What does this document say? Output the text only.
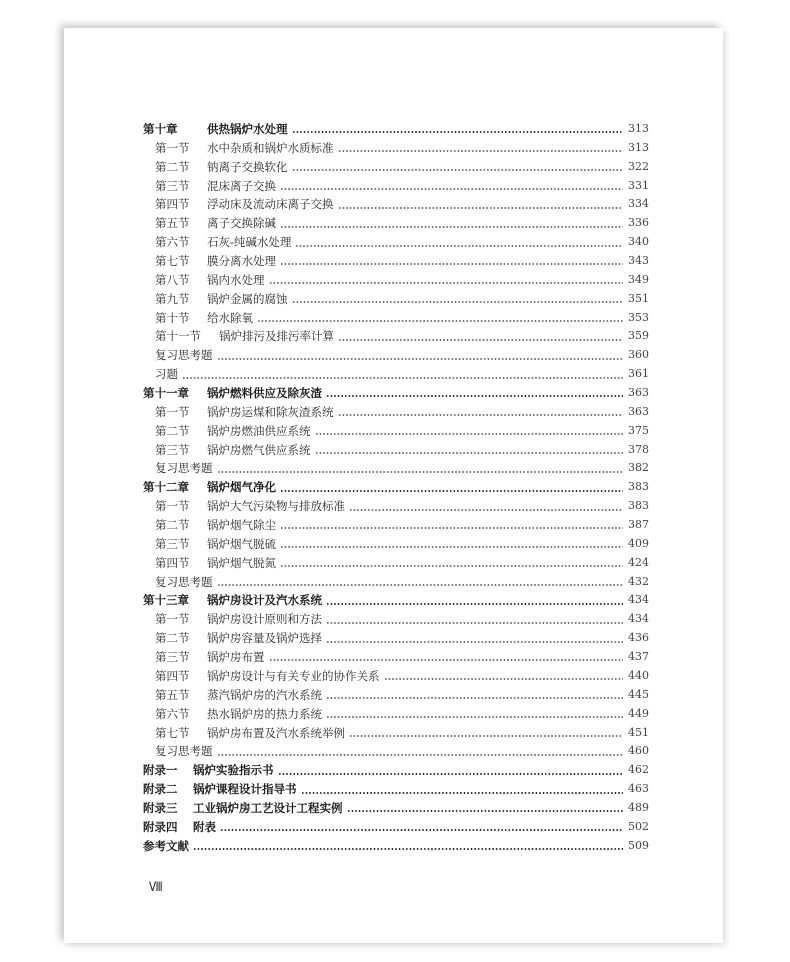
第十章	供热锅炉水处理	313
第一节	水中杂质和锅炉水质标准	313
第二节	钠离子交换软化	322
第三节	混床离子交换	331
第四节	浮动床及流动床离子交换	334
第五节	离子交换除碱	336
第六节	石灰-纯碱水处理	340
第七节	膜分离水处理	343
第八节	锅内水处理	349
第九节	锅炉金属的腐蚀	351
第十节	给水除氧	353
第十一节	锅炉排污及排污率计算	359
复习思考题	360
习题	361
第十一章	锅炉燃料供应及除灰渣	363
第一节	锅炉房运煤和除灰渣系统	363
第二节	锅炉房燃油供应系统	375
第三节	锅炉房燃气供应系统	378
复习思考题	382
第十二章	锅炉烟气净化	383
第一节	锅炉大气污染物与排放标准	383
第二节	锅炉烟气除尘	387
第三节	锅炉烟气脱硫	409
第四节	锅炉烟气脱氮	424
复习思考题	432
第十三章	锅炉房设计及汽水系统	434
第一节	锅炉房设计原则和方法	434
第二节	锅炉房容量及锅炉选择	436
第三节	锅炉房布置	437
第四节	锅炉房设计与有关专业的协作关系	440
第五节	蒸汽锅炉房的汽水系统	445
第六节	热水锅炉房的热力系统	449
第七节	锅炉房布置及汽水系统举例	451
复习思考题	460
附录一	锅炉实验指示书	462
附录二	锅炉课程设计指导书	463
附录三	工业锅炉房工艺设计工程实例	489
附录四	附表	502
参考文献	509
Ⅷ
